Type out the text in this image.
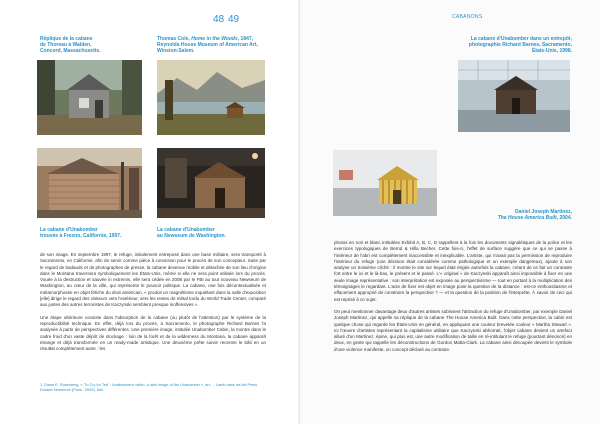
48
Réplique de la cabane
de Thoreau à Walden,
Concord, Massachusetts.
Thomas Cole, Home in the Woods, 1847,
Reynolda House Museum of American Art,
Winston-Salem.
La cabane d'Unabomber
trouvée à Fresno, Californie, 1997.
La cabane d'Unabomber
au Newseum de Washington.

de son image. En septembre 1997, le refuge, initialement entreposé dans une base militaire, sera transporté à Sacramento, en Californie, afin de servir comme pièce à conviction pour le procès de son concepteur. Suite par le regard de badauds et de photographes de presse, la cabane devenue mobile et détachée de son lieu d'origine dans le Montana traversera symboliquement les États-Unis, même si elle ne sera point utilisée lors du procès. Vouée à la destruction et sauvée in extremis, elle sera cédée en 2008 par le FBI au tout nouveau Newseum de Washington, au cœur de la ville, qui représente le pouvoir politique. La cabane, une fois décontextualisée et métamorphosée en objet fétiche du droit américain, « produit un magnétisme inquiétant dans la salle d'exposition [elle] dirige le regard des visiteurs vers l'extérieur, vers les restes de métal tordu du World Trade Center, comparé aux justes des autres terroristes de Kaczynski semblent presque inoffensives ».

Une étape ultérieure consiste dans l'absorption de la cabane (ou plutôt de l'attention) par le système de la reproductibilité technique. En effet, déjà lors du procès, à Sacramento, le photographe Richard Barnes l'a analysée à partir de perspectives différentes. Une première image, intitulée Unabomber Cabin, la montre dans le cadre froid d'un vaste dépôt de stockage : loin de la forêt et de la wilderness du Montana, la cabane apparaît étrange et déjà transformée en un ready-made artistique. Une deuxième prête suivie recentre le bâti en un résultat complètement autre : les

1. Diane E. Rosenberg, « 'To Cry for Ted' : Unabomber's cabin, a dark image of the Unabomber », art, ... Lamb dans les Art Press Dossier Newseum (Paris : 2009), ibid.
49	CABANONS
La cabane d'Unabomber dans un entrepôt,
photographie Richard Barnes, Sacramento,
États-Unis, 1998.
Daniel Joseph Martinez,
The House America Built, 2004.

photos en noir et blanc intitulées Exhibit A, B, C, D rappellent à la fois les documents signalétiques de la police et les exercices typologiques de Bernd & Hilla Becher. Cette fois-ci, l'effet de surface suggère que ce qui se passe à l'intérieur de l'abri est complètement inaccessible et inexplicable. L'artiste, qui n'avait pas la permission de reproduire l'intérieur du refuge (une décision était considérée comme pathologique et un exemple dangereux), ajoute à son analyse un troisième cliché : il montre le site sur lequel était érigée autrefois la cabane, créant de ce fait un contraste fort entre le ici et le là-bas, le présent et le passé. L'« original » de Kaczynski apparaît ainsi impossible à fixer en une seule image représentative : son interprétation est exposée au perspectivisme — tout en portant à la multiplication des témoignages le regardant. L'acte de fixer est objet en image pose la question de la distance : est-ce enthoustiasme et effacement approprié de construire la perspective ? — et la question de la position de l'interprète. À savoir de ceci qui est reprisé à ce sujet.

On peut mentionner davantage deux d'autres artistes subissent l'attraction du refuge d'Unabomber, par exemple Daniel Joseph Martinez, qui appelle sa réplique de la cabane The House America Built. Dans cette perspective, la cabin est quelque chose qui regarde les États-Unis en général, en appliquant une couleur brevetée couleur « Martha Stewart ». Ici l'œuvre d'artistes représentant la capitalisme utilitaire que Kaczynski abhorrait, l'objet cabane devient un artefact alluré d'un Martinez, épine, qui plus est, une autre modification de taille en ré-intitulant le refuge (pourtant dénoncé) en deux, en geste qui rappelle les déconstructions de Gordon Matta-Clark. La cabane ainsi découpée devient le symbole d'une violence manifeste, un concept déclaré au contraire.
